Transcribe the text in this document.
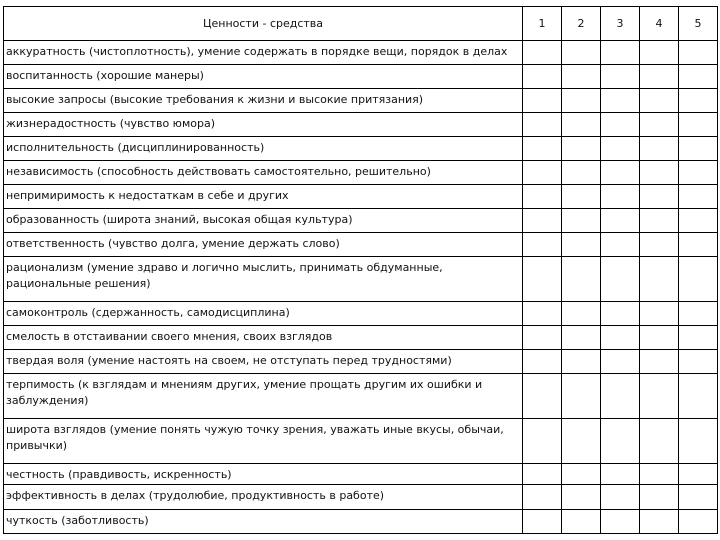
Ценности - средства	1	2	3	4	5

аккуратность (чистоплотность), умение содержать в порядке вещи, порядок в делах					

воспитанность (хорошие манеры)					

высокие запросы (высокие требования к жизни и высокие притязания)					

жизнерадостность (чувство юмора)					

исполнительность (дисциплинированность)					

независимость (способность действовать самостоятельно, решительно)					

непримиримость к недостаткам в себе и других					

образованность (широта знаний, высокая общая культура)					

ответственность (чувство долга, умение держать слово)					

рационализм (умение здраво и логично мыслить, принимать обдуманные, рациональные решения)					

самоконтроль (сдержанность, самодисциплина)					

смелость в отстаивании своего мнения, своих взглядов					

твердая воля (умение настоять на своем, не отступать перед трудностями)					

терпимость (к взглядам и мнениям других, умение прощать другим их ошибки и заблуждения)					

широта взглядов (умение понять чужую точку зрения, уважать иные вкусы, обычаи, привычки)					

честность (правдивость, искренность)					

эффективность в делах (трудолюбие, продуктивность в работе)					

чуткость (заботливость)					
